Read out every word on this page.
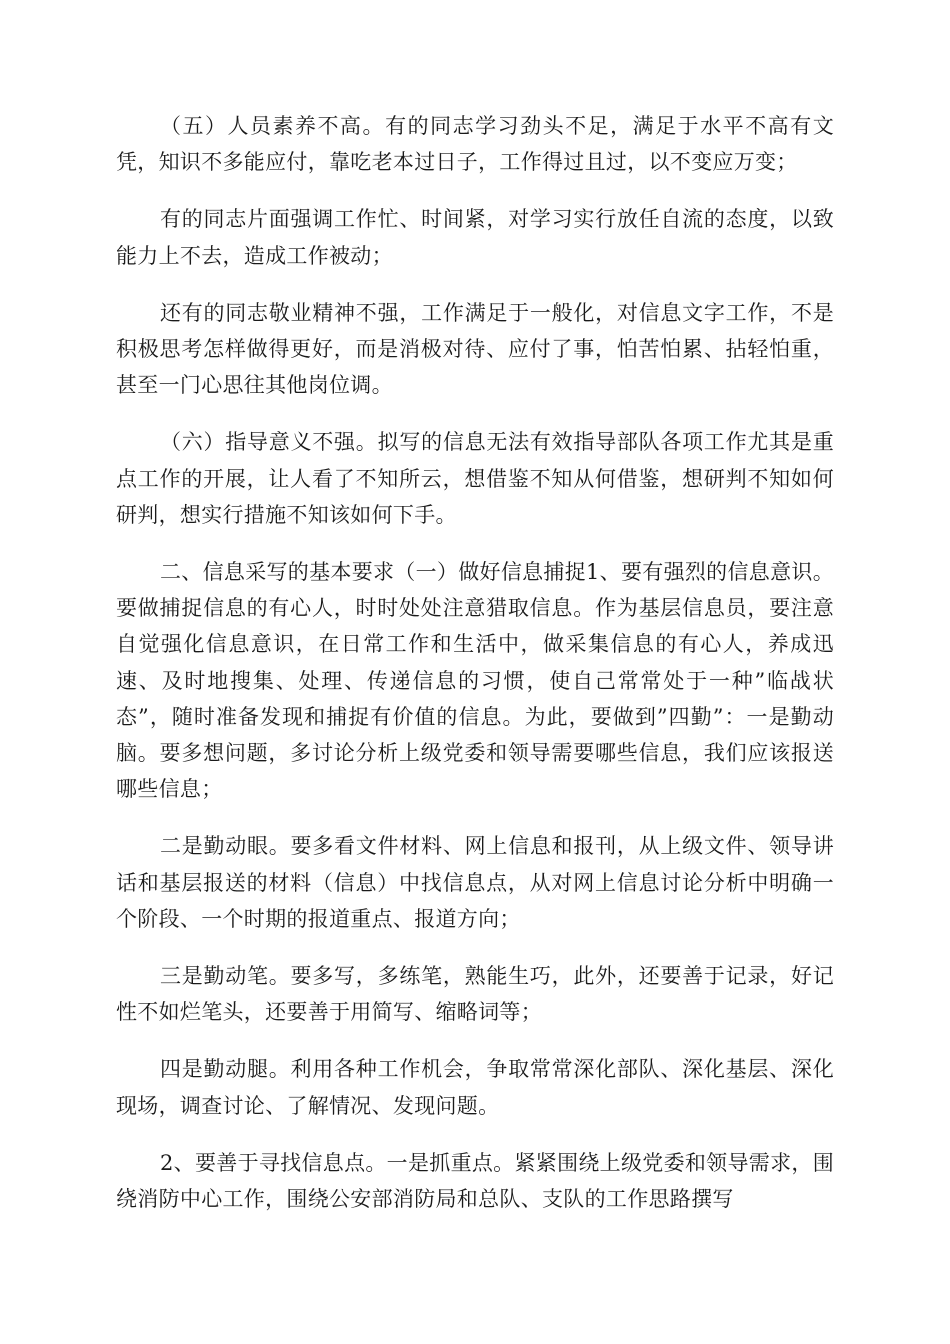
（五）人员素养不高。有的同志学习劲头不足，满足于水平不高有文凭，知识不多能应付，靠吃老本过日子，工作得过且过，以不变应万变；

有的同志片面强调工作忙、时间紧，对学习实行放任自流的态度，以致能力上不去，造成工作被动；

还有的同志敬业精神不强，工作满足于一般化，对信息文字工作，不是积极思考怎样做得更好，而是消极对待、应付了事，怕苦怕累、拈轻怕重，甚至一门心思往其他岗位调。

（六）指导意义不强。拟写的信息无法有效指导部队各项工作尤其是重点工作的开展，让人看了不知所云，想借鉴不知从何借鉴，想研判不知如何研判，想实行措施不知该如何下手。

二、信息采写的基本要求（一）做好信息捕捉1、要有强烈的信息意识。要做捕捉信息的有心人，时时处处注意猎取信息。作为基层信息员，要注意自觉强化信息意识，在日常工作和生活中，做采集信息的有心人，养成迅速、及时地搜集、处理、传递信息的习惯，使自己常常处于一种”临战状态”，随时准备发现和捕捉有价值的信息。为此，要做到”四勤”：一是勤动脑。要多想问题，多讨论分析上级党委和领导需要哪些信息，我们应该报送哪些信息；

二是勤动眼。要多看文件材料、网上信息和报刊，从上级文件、领导讲话和基层报送的材料（信息）中找信息点，从对网上信息讨论分析中明确一个阶段、一个时期的报道重点、报道方向；

三是勤动笔。要多写，多练笔，熟能生巧，此外，还要善于记录，好记性不如烂笔头，还要善于用简写、缩略词等；

四是勤动腿。利用各种工作机会，争取常常深化部队、深化基层、深化现场，调查讨论、了解情况、发现问题。

2、要善于寻找信息点。一是抓重点。紧紧围绕上级党委和领导需求，围绕消防中心工作，围绕公安部消防局和总队、支队的工作思路撰写
